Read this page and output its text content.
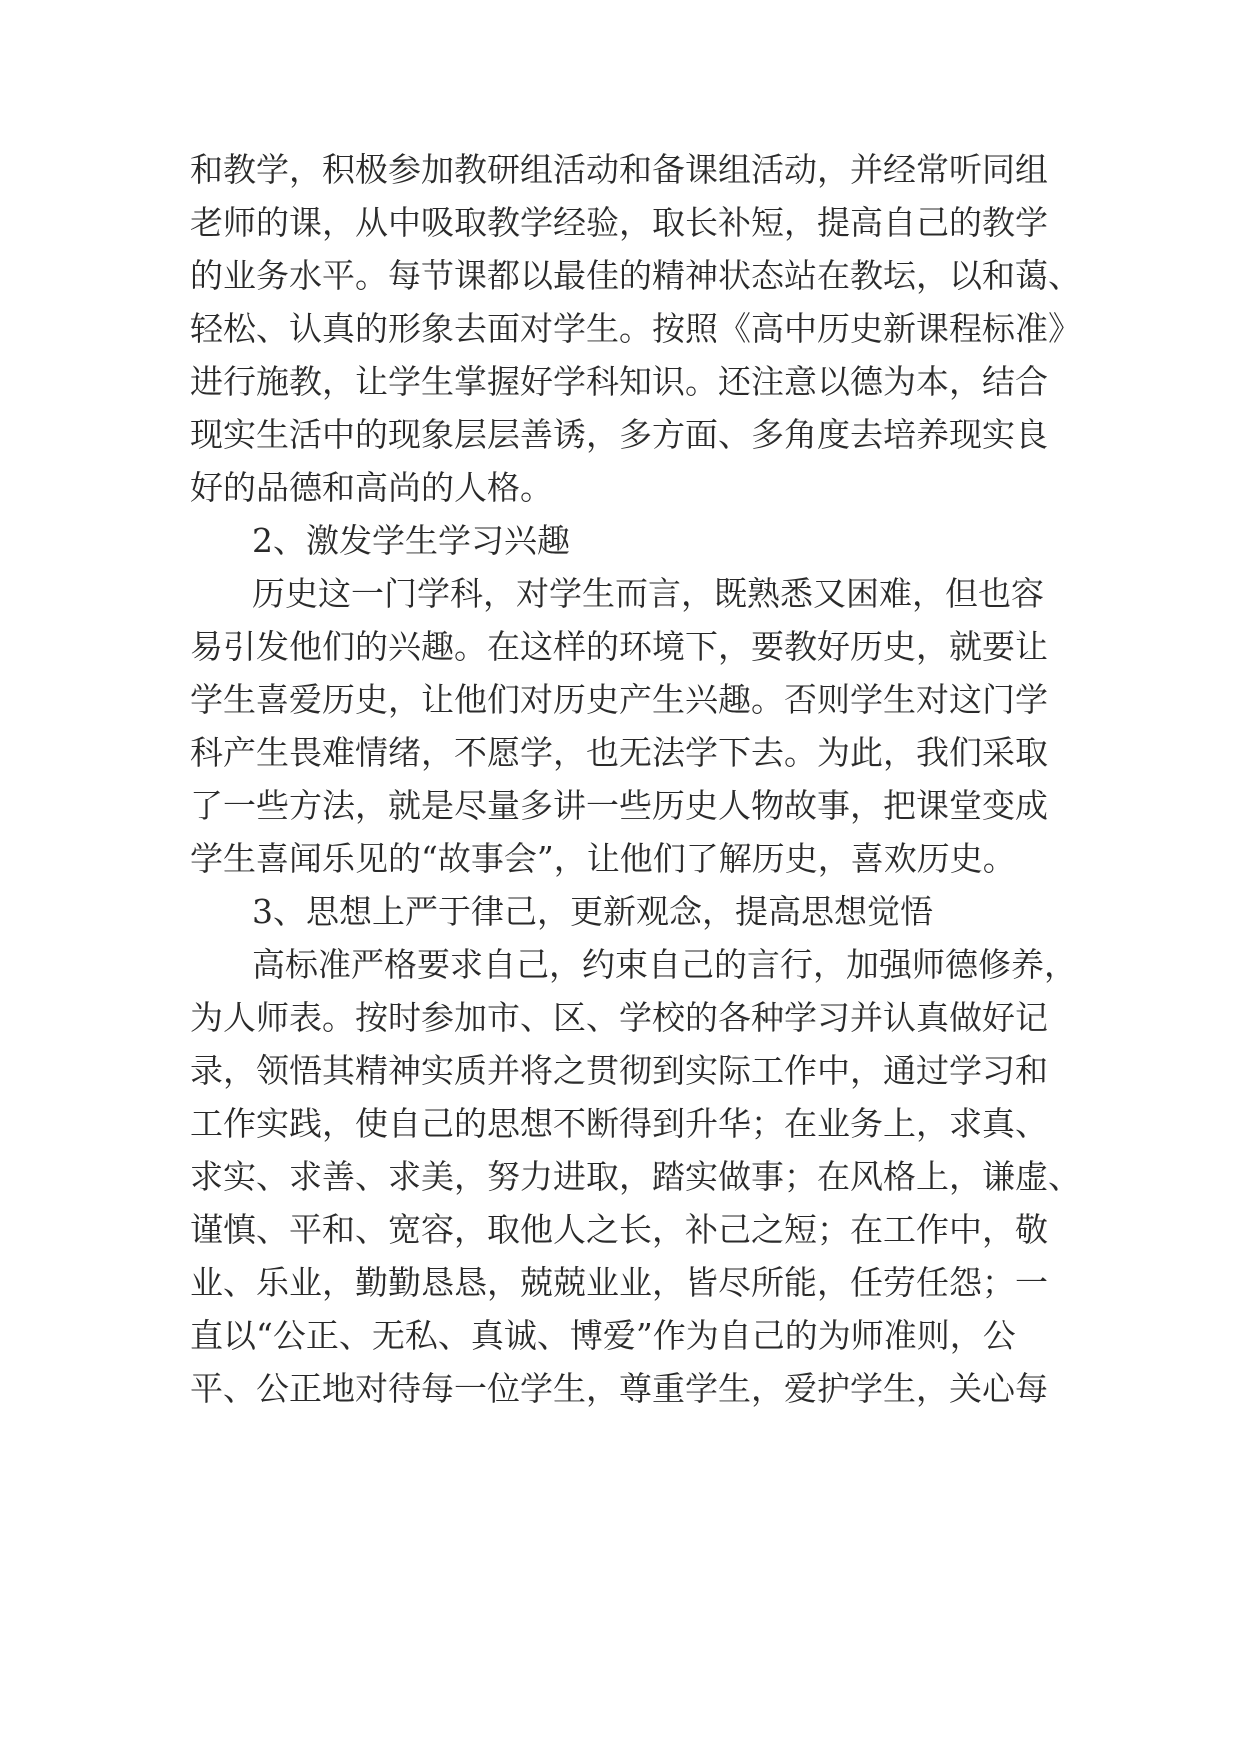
和教学，积极参加教研组活动和备课组活动，并经常听同组
老师的课，从中吸取教学经验，取长补短，提高自己的教学
的业务水平。每节课都以最佳的精神状态站在教坛，以和蔼、
轻松、认真的形象去面对学生。按照《高中历史新课程标准》
进行施教，让学生掌握好学科知识。还注意以德为本，结合
现实生活中的现象层层善诱，多方面、多角度去培养现实良
好的品德和高尚的人格。
2、激发学生学习兴趣
历史这一门学科，对学生而言，既熟悉又困难，但也容
易引发他们的兴趣。在这样的环境下，要教好历史，就要让
学生喜爱历史，让他们对历史产生兴趣。否则学生对这门学
科产生畏难情绪，不愿学，也无法学下去。为此，我们采取
了一些方法，就是尽量多讲一些历史人物故事，把课堂变成
学生喜闻乐见的“故事会”，让他们了解历史，喜欢历史。
3、思想上严于律己，更新观念，提高思想觉悟
高标准严格要求自己，约束自己的言行，加强师德修养，
为人师表。按时参加市、区、学校的各种学习并认真做好记
录，领悟其精神实质并将之贯彻到实际工作中，通过学习和
工作实践，使自己的思想不断得到升华；在业务上，求真、
求实、求善、求美，努力进取，踏实做事；在风格上，谦虚、
谨慎、平和、宽容，取他人之长，补己之短；在工作中，敬
业、乐业，勤勤恳恳，兢兢业业，皆尽所能，任劳任怨；一
直以“公正、无私、真诚、博爱”作为自己的为师准则，公
平、公正地对待每一位学生，尊重学生，爱护学生，关心每
